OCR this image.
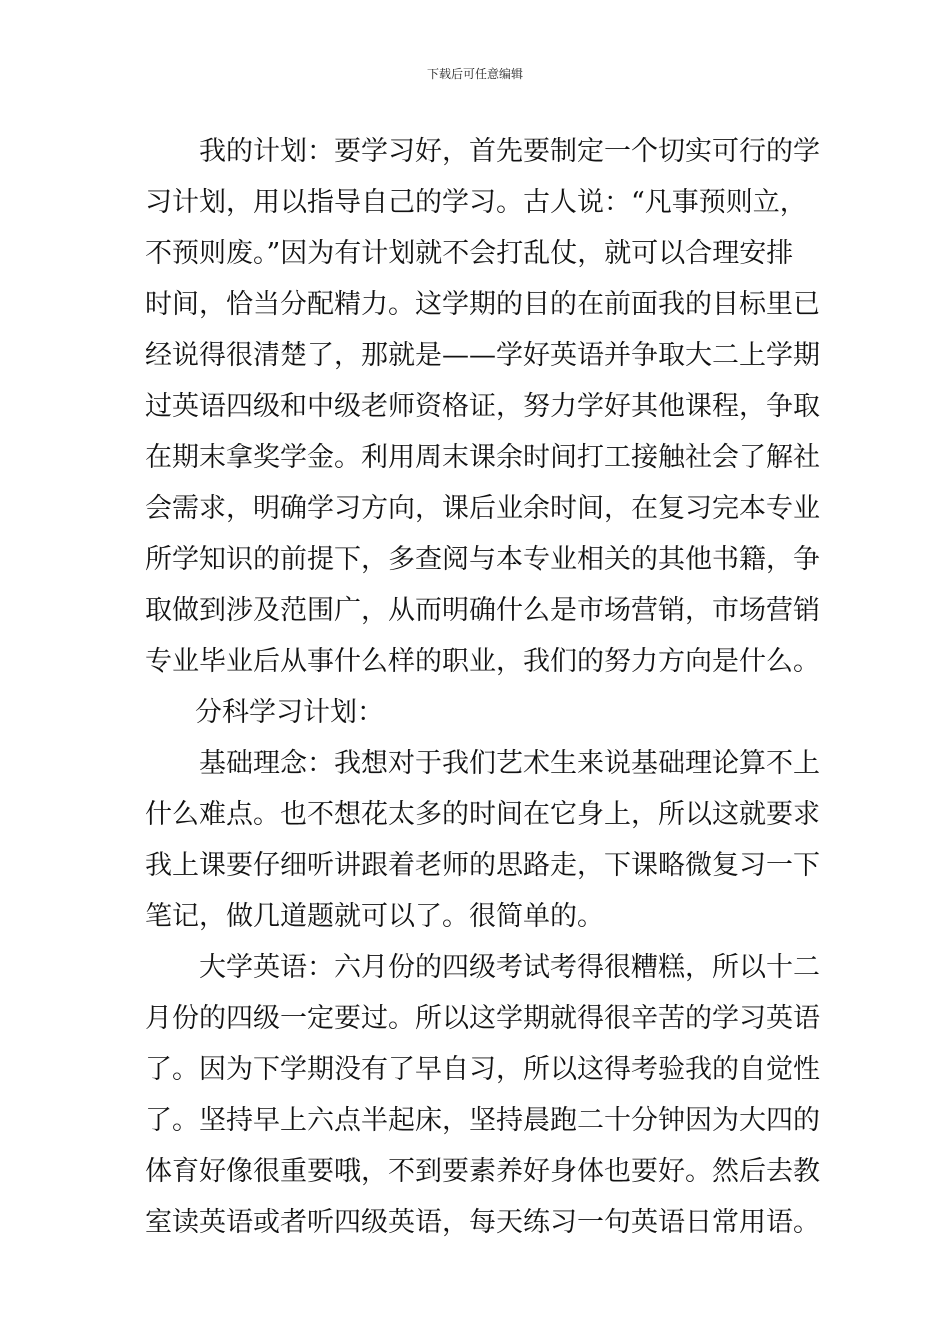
下载后可任意编辑
我的计划：要学习好，首先要制定一个切实可行的学
习计划，用以指导自己的学习。古人说：“凡事预则立，
不预则废。”因为有计划就不会打乱仗，就可以合理安排
时间，恰当分配精力。这学期的目的在前面我的目标里已
经说得很清楚了，那就是——学好英语并争取大二上学期
过英语四级和中级老师资格证，努力学好其他课程，争取
在期末拿奖学金。利用周末课余时间打工接触社会了解社
会需求，明确学习方向，课后业余时间，在复习完本专业
所学知识的前提下，多查阅与本专业相关的其他书籍，争
取做到涉及范围广，从而明确什么是市场营销，市场营销
专业毕业后从事什么样的职业，我们的努力方向是什么。
分科学习计划：
基础理念：我想对于我们艺术生来说基础理论算不上
什么难点。也不想花太多的时间在它身上，所以这就要求
我上课要仔细听讲跟着老师的思路走，下课略微复习一下
笔记，做几道题就可以了。很简单的。
大学英语：六月份的四级考试考得很糟糕，所以十二
月份的四级一定要过。所以这学期就得很辛苦的学习英语
了。因为下学期没有了早自习，所以这得考验我的自觉性
了。坚持早上六点半起床，坚持晨跑二十分钟因为大四的
体育好像很重要哦，不到要素养好身体也要好。然后去教
室读英语或者听四级英语，每天练习一句英语日常用语。
